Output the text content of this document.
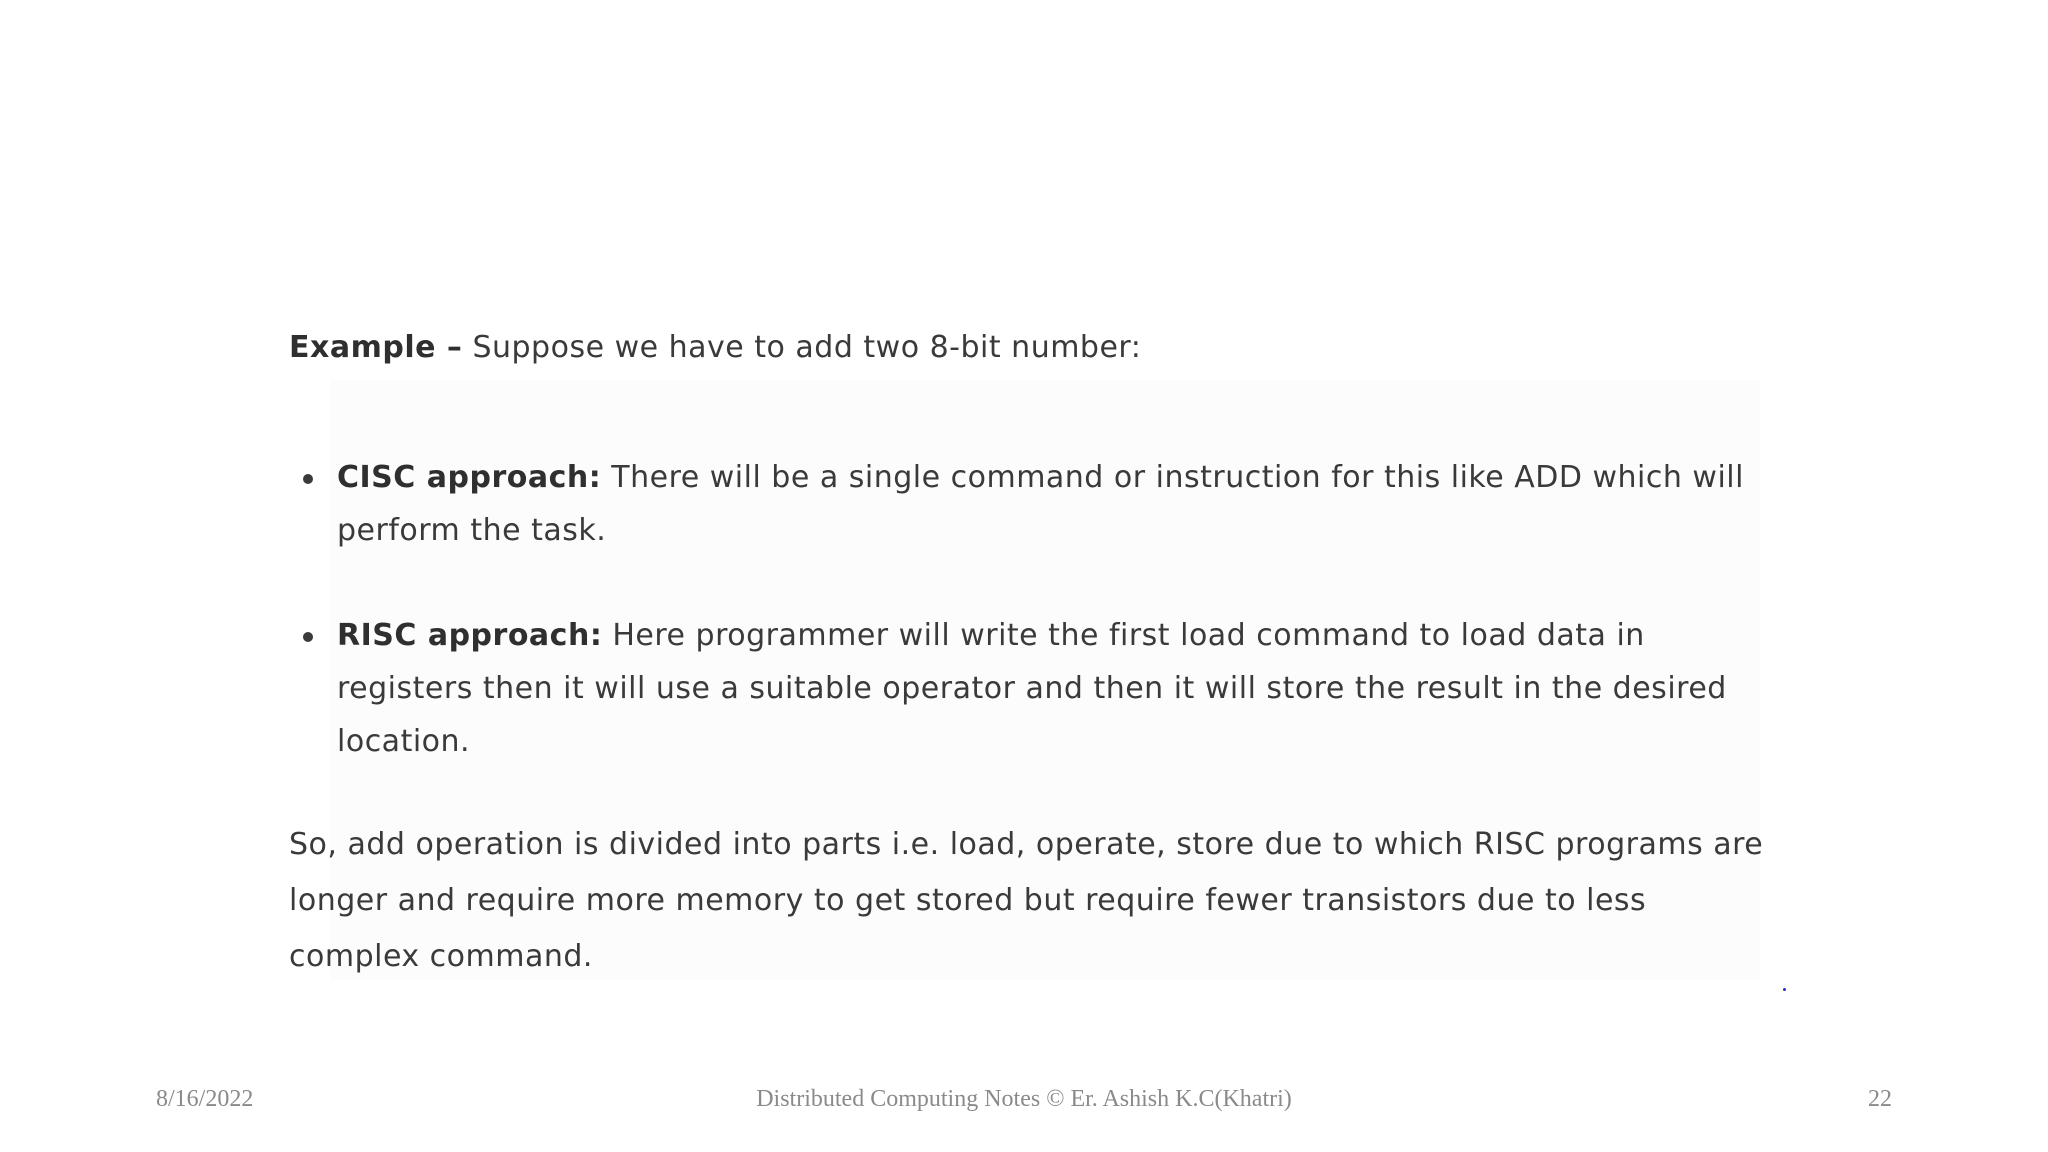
Example – Suppose we have to add two 8-bit number:
CISC approach: There will be a single command or instruction for this like ADD which will perform the task.
RISC approach: Here programmer will write the first load command to load data in registers then it will use a suitable operator and then it will store the result in the desired location.
So, add operation is divided into parts i.e. load, operate, store due to which RISC programs are longer and require more memory to get stored but require fewer transistors due to less complex command.
8/16/2022	Distributed Computing Notes © Er. Ashish K.C(Khatri)	22
